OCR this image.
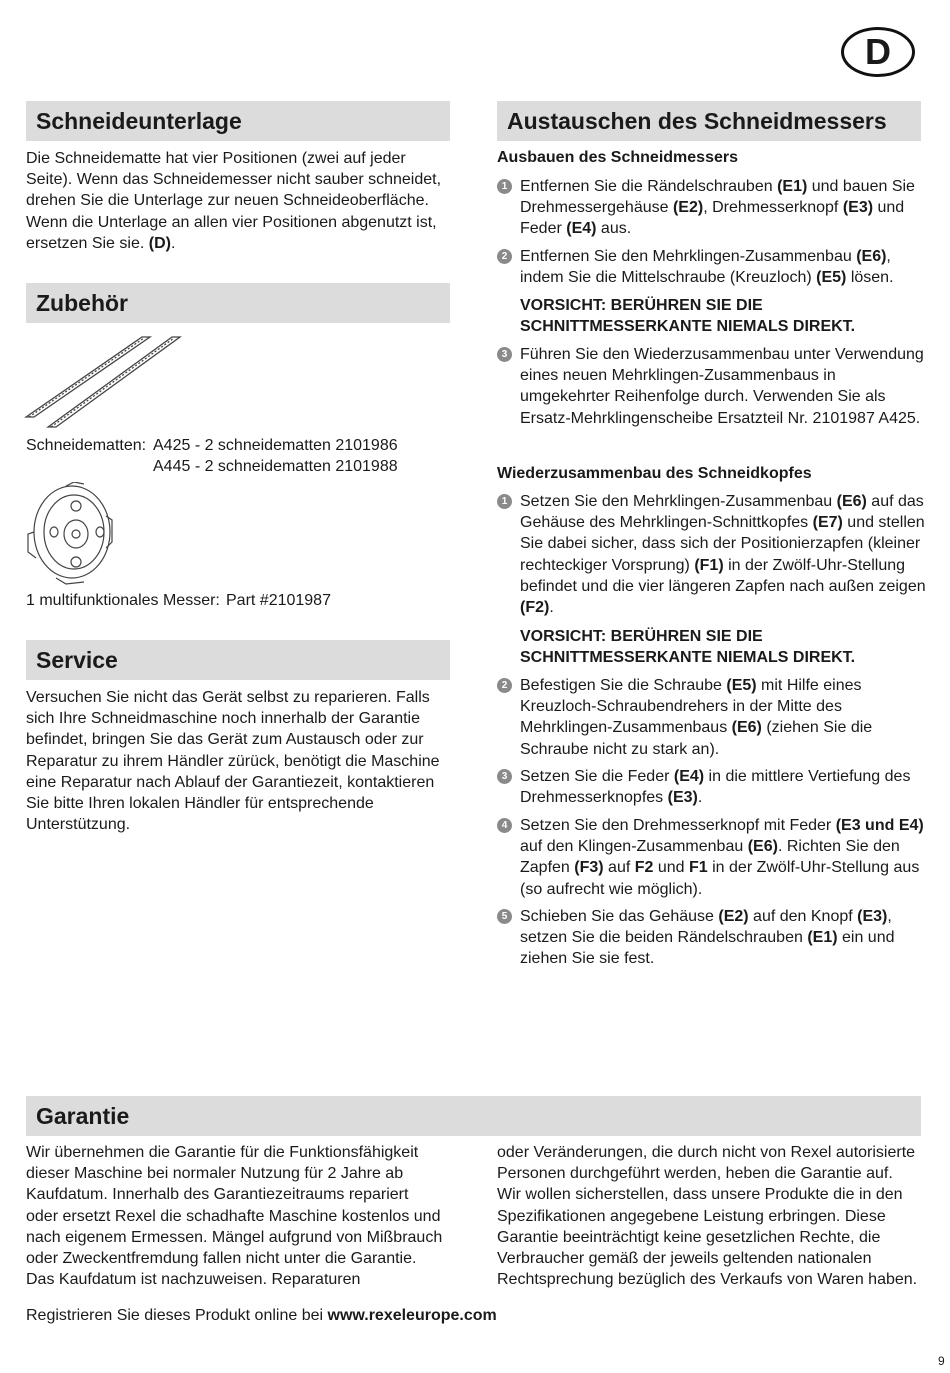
D
Schneideunterlage

Die Schneidematte hat vier Positionen (zwei auf jeder Seite). Wenn das Schneidemesser nicht sauber schneidet, drehen Sie die Unterlage zur neuen Schneideoberfläche. Wenn die Unterlage an allen vier Positionen abgenutzt ist, ersetzen Sie sie. (D).

Zubehör
Schneidematten: A425 - 2 schneidematten 2101986
A445 - 2 schneidematten 2101988
1 multifunktionales Messer: Part #2101987
Service

Versuchen Sie nicht das Gerät selbst zu reparieren. Falls sich Ihre Schneidmaschine noch innerhalb der Garantie befindet, bringen Sie das Gerät zum Austausch oder zur Reparatur zu ihrem Händler zürück, benötigt die Maschine eine Reparatur nach Ablauf der Garantiezeit, kontaktieren Sie bitte Ihren lokalen Händler für entsprechende Unterstützung.

Austauschen des Schneidmessers
Ausbauen des Schneidmessers
1 Entfernen Sie die Rändelschrauben (E1) und bauen Sie Drehmessergehäuse (E2), Drehmesserknopf (E3) und Feder (E4) aus.
2 Entfernen Sie den Mehrklingen-Zusammenbau (E6), indem Sie die Mittelschraube (Kreuzloch) (E5) lösen.
VORSICHT: BERÜHREN SIE DIE SCHNITTMESSERKANTE NIEMALS DIREKT.
3 Führen Sie den Wiederzusammenbau unter Verwendung eines neuen Mehrklingen-Zusammenbaus in umgekehrter Reihenfolge durch. Verwenden Sie als Ersatz-Mehrklingenscheibe Ersatzteil Nr. 2101987 A425.
Wiederzusammenbau des Schneidkopfes
1 Setzen Sie den Mehrklingen-Zusammenbau (E6) auf das Gehäuse des Mehrklingen-Schnittkopfes (E7) und stellen Sie dabei sicher, dass sich der Positionierzapfen (kleiner rechteckiger Vorsprung) (F1) in der Zwölf-Uhr-Stellung befindet und die vier längeren Zapfen nach außen zeigen (F2).
VORSICHT: BERÜHREN SIE DIE SCHNITTMESSERKANTE NIEMALS DIREKT.
2 Befestigen Sie die Schraube (E5) mit Hilfe eines Kreuzloch-Schraubendrehers in der Mitte des Mehrklingen-Zusammenbaus (E6) (ziehen Sie die Schraube nicht zu stark an).
3 Setzen Sie die Feder (E4) in die mittlere Vertiefung des Drehmesserknopfes (E3).
4 Setzen Sie den Drehmesserknopf mit Feder (E3 und E4) auf den Klingen-Zusammenbau (E6). Richten Sie den Zapfen (F3) auf F2 und F1 in der Zwölf-Uhr-Stellung aus (so aufrecht wie möglich).
5 Schieben Sie das Gehäuse (E2) auf den Knopf (E3), setzen Sie die beiden Rändelschrauben (E1) ein und ziehen Sie sie fest.
Garantie

Wir übernehmen die Garantie für die Funktionsfähigkeit dieser Maschine bei normaler Nutzung für 2 Jahre ab Kaufdatum. Innerhalb des Garantiezeitraums repariert oder ersetzt Rexel die schadhafte Maschine kostenlos und nach eigenem Ermessen. Mängel aufgrund von Mißbrauch oder Zweckentfremdung fallen nicht unter die Garantie. Das Kaufdatum ist nachzuweisen. Reparaturen

oder Veränderungen, die durch nicht von Rexel autorisierte Personen durchgeführt werden, heben die Garantie auf. Wir wollen sicherstellen, dass unsere Produkte die in den Spezifikationen angegebene Leistung erbringen. Diese Garantie beeinträchtigt keine gesetzlichen Rechte, die Verbraucher gemäß der jeweils geltenden nationalen Rechtsprechung bezüglich des Verkaufs von Waren haben.

Registrieren Sie dieses Produkt online bei www.rexeleurope.com
9
